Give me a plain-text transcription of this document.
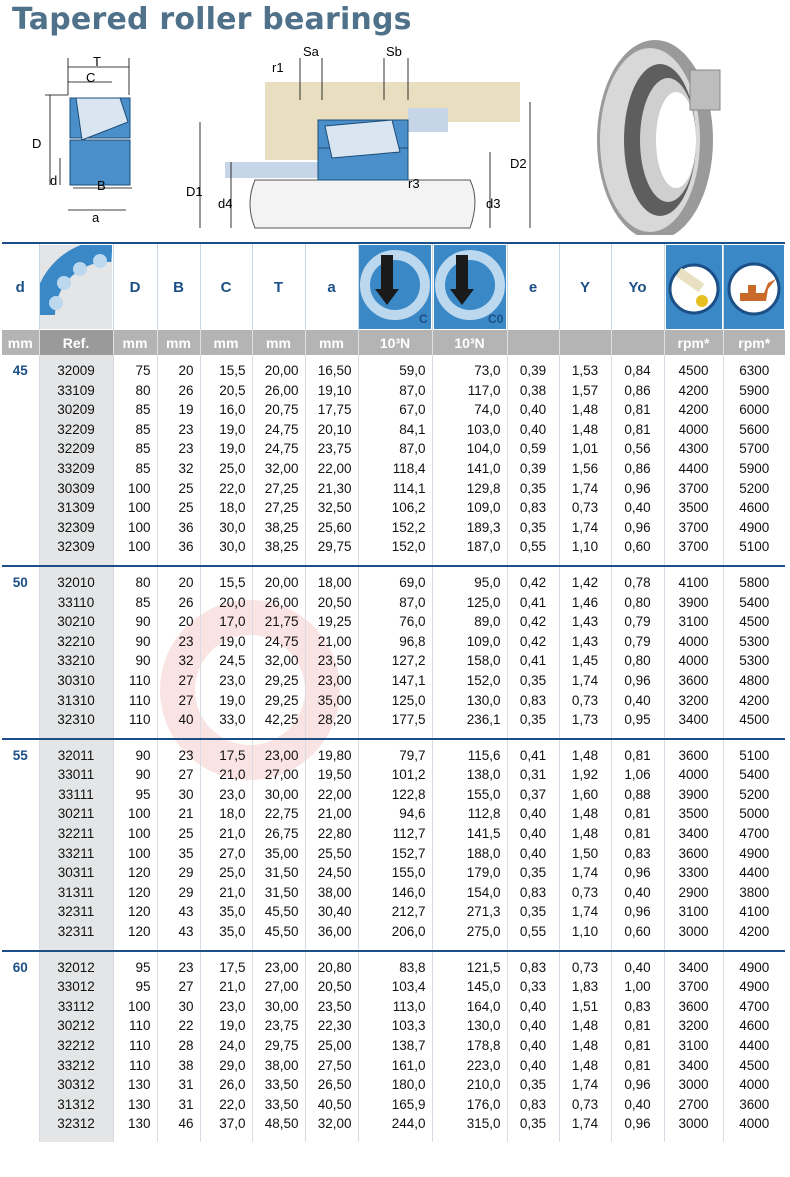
Tapered roller bearings
T
C
D
d	B
a
Sa	Sb
r1
r3
D1
d4
D2
d3
d		D	B	C	T	a	C	C0	e	Y	Yo	

mm	Ref.	mm	mm	mm	mm	mm	10³N	10³N				rpm*	rpm*
45	32009	75	20	15,5	20,00	16,50	59,0	73,0	0,39	1,53	0,84	4500	6300
	33109	80	26	20,5	26,00	19,10	87,0	117,0	0,38	1,57	0,86	4200	5900
	30209	85	19	16,0	20,75	17,75	67,0	74,0	0,40	1,48	0,81	4200	6000
	32209	85	23	19,0	24,75	20,10	84,1	103,0	0,40	1,48	0,81	4000	5600
	32209	85	23	19,0	24,75	23,75	87,0	104,0	0,59	1,01	0,56	4300	5700
	33209	85	32	25,0	32,00	22,00	118,4	141,0	0,39	1,56	0,86	4400	5900
	30309	100	25	22,0	27,25	21,30	114,1	129,8	0,35	1,74	0,96	3700	5200
	31309	100	25	18,0	27,25	32,50	106,2	109,0	0,83	0,73	0,40	3500	4600
	32309	100	36	30,0	38,25	25,60	152,2	189,3	0,35	1,74	0,96	3700	4900
	32309	100	36	30,0	38,25	29,75	152,0	187,0	0,55	1,10	0,60	3700	5100
50	32010	80	20	15,5	20,00	18,00	69,0	95,0	0,42	1,42	0,78	4100	5800
	33110	85	26	20,0	26,00	20,50	87,0	125,0	0,41	1,46	0,80	3900	5400
	30210	90	20	17,0	21,75	19,25	76,0	89,0	0,42	1,43	0,79	3100	4500
	32210	90	23	19,0	24,75	21,00	96,8	109,0	0,42	1,43	0,79	4000	5300
	33210	90	32	24,5	32,00	23,50	127,2	158,0	0,41	1,45	0,80	4000	5300
	30310	110	27	23,0	29,25	23,00	147,1	152,0	0,35	1,74	0,96	3600	4800
	31310	110	27	19,0	29,25	35,00	125,0	130,0	0,83	0,73	0,40	3200	4200
	32310	110	40	33,0	42,25	28,20	177,5	236,1	0,35	1,73	0,95	3400	4500
55	32011	90	23	17,5	23,00	19,80	79,7	115,6	0,41	1,48	0,81	3600	5100
	33011	90	27	21,0	27,00	19,50	101,2	138,0	0,31	1,92	1,06	4000	5400
	33111	95	30	23,0	30,00	22,00	122,8	155,0	0,37	1,60	0,88	3900	5200
	30211	100	21	18,0	22,75	21,00	94,6	112,8	0,40	1,48	0,81	3500	5000
	32211	100	25	21,0	26,75	22,80	112,7	141,5	0,40	1,48	0,81	3400	4700
	33211	100	35	27,0	35,00	25,50	152,7	188,0	0,40	1,50	0,83	3600	4900
	30311	120	29	25,0	31,50	24,50	155,0	179,0	0,35	1,74	0,96	3300	4400
	31311	120	29	21,0	31,50	38,00	146,0	154,0	0,83	0,73	0,40	2900	3800
	32311	120	43	35,0	45,50	30,40	212,7	271,3	0,35	1,74	0,96	3100	4100
	32311	120	43	35,0	45,50	36,00	206,0	275,0	0,55	1,10	0,60	3000	4200
60	32012	95	23	17,5	23,00	20,80	83,8	121,5	0,83	0,73	0,40	3400	4900
	33012	95	27	21,0	27,00	20,50	103,4	145,0	0,33	1,83	1,00	3700	4900
	33112	100	30	23,0	30,00	23,50	113,0	164,0	0,40	1,51	0,83	3600	4700
	30212	110	22	19,0	23,75	22,30	103,3	130,0	0,40	1,48	0,81	3200	4600
	32212	110	28	24,0	29,75	25,00	138,7	178,8	0,40	1,48	0,81	3100	4400
	33212	110	38	29,0	38,00	27,50	161,0	223,0	0,40	1,48	0,81	3400	4500
	30312	130	31	26,0	33,50	26,50	180,0	210,0	0,35	1,74	0,96	3000	4000
	31312	130	31	22,0	33,50	40,50	165,9	176,0	0,83	0,73	0,40	2700	3600
	32312	130	46	37,0	48,50	32,00	244,0	315,0	0,35	1,74	0,96	3000	4000
